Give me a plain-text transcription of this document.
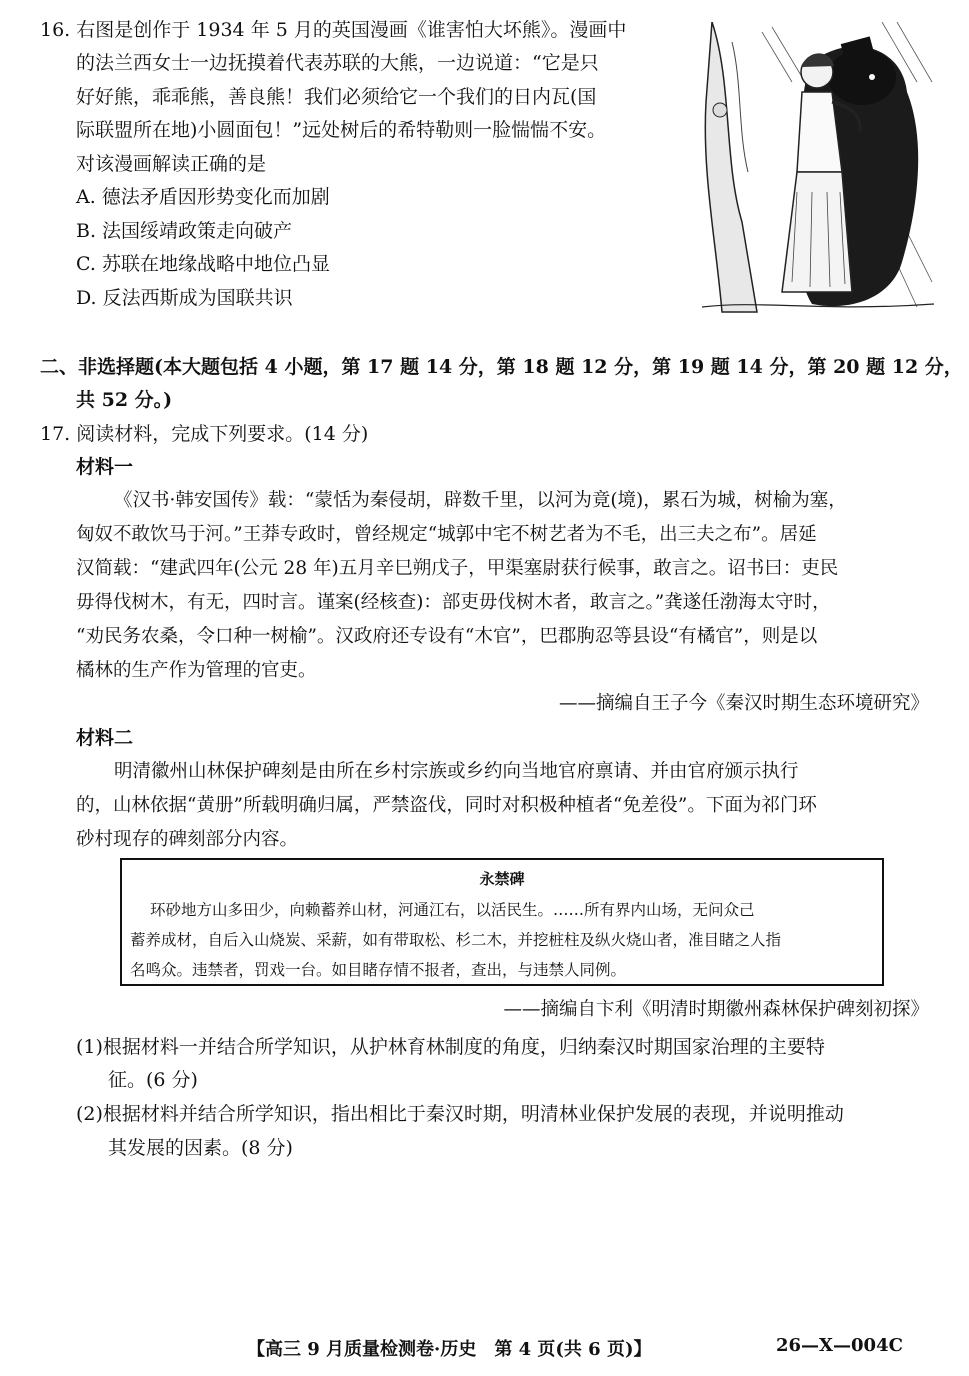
16. 右图是创作于 1934 年 5 月的英国漫画《谁害怕大坏熊》。漫画中
的法兰西女士一边抚摸着代表苏联的大熊，一边说道：“它是只
好好熊，乖乖熊，善良熊！我们必须给它一个我们的日内瓦(国
际联盟所在地)小圆面包！”远处树后的希特勒则一脸惴惴不安。
对该漫画解读正确的是
A. 德法矛盾因形势变化而加剧
B. 法国绥靖政策走向破产
C. 苏联在地缘战略中地位凸显
D. 反法西斯成为国联共识
二、非选择题(本大题包括 4 小题，第 17 题 14 分，第 18 题 12 分，第 19 题 14 分，第 20 题 12 分，
共 52 分。)
17. 阅读材料，完成下列要求。(14 分)
材料一
《汉书·韩安国传》载：“蒙恬为秦侵胡，辟数千里，以河为竟(境)，累石为城，树榆为塞，
匈奴不敢饮马于河。”王莽专政时，曾经规定“城郭中宅不树艺者为不毛，出三夫之布”。居延
汉简载：“建武四年(公元 28 年)五月辛巳朔戊子，甲渠塞尉获行候事，敢言之。诏书曰：吏民
毋得伐树木，有无，四时言。谨案(经核查)：部吏毋伐树木者，敢言之。”龚遂任渤海太守时，
“劝民务农桑，令口种一树榆”。汉政府还专设有“木官”，巴郡朐忍等县设“有橘官”，则是以
橘林的生产作为管理的官吏。
——摘编自王子今《秦汉时期生态环境研究》
材料二
明清徽州山林保护碑刻是由所在乡村宗族或乡约向当地官府禀请、并由官府颁示执行
的，山林依据“黄册”所载明确归属，严禁盗伐，同时对积极种植者“免差役”。下面为祁门环
砂村现存的碑刻部分内容。
永禁碑
环砂地方山多田少，向赖蓄养山材，河通江右，以活民生。……所有界内山场，无问众己
蓄养成材，自后入山烧炭、采薪，如有带取松、杉二木，并挖桩柱及纵火烧山者，准目睹之人指
名鸣众。违禁者，罚戏一台。如目睹存情不报者，查出，与违禁人同例。
——摘编自卞利《明清时期徽州森林保护碑刻初探》
(1)根据材料一并结合所学知识，从护林育林制度的角度，归纳秦汉时期国家治理的主要特
征。(6 分)
(2)根据材料并结合所学知识，指出相比于秦汉时期，明清林业保护发展的表现，并说明推动
其发展的因素。(8 分)
【高三 9 月质量检测卷·历史　第 4 页(共 6 页)】	26—X—004C
